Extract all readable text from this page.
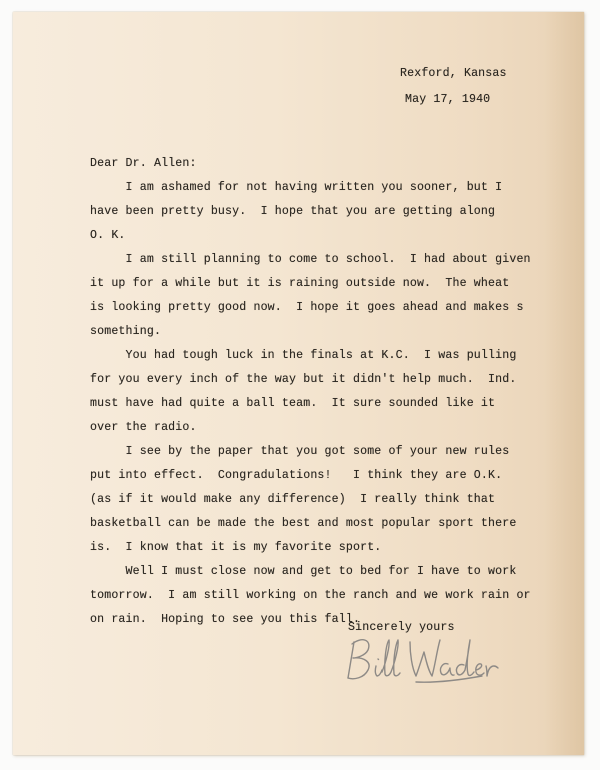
Rexford, Kansas
May 17, 1940
Dear Dr. Allen:
I am ashamed for not having written you sooner, but I
have been pretty busy.  I hope that you are getting along
O. K.
I am still planning to come to school.  I had about given
it up for a while but it is raining outside now.  The wheat
is looking pretty good now.  I hope it goes ahead and makes s
something.
You had tough luck in the finals at K.C.  I was pulling
for you every inch of the way but it didn't help much.  Ind.
must have had quite a ball team.  It sure sounded like it
over the radio.
I see by the paper that you got some of your new rules
put into effect.  Congradulations!   I think they are O.K.
(as if it would make any difference)  I really think that
basketball can be made the best and most popular sport there
is.  I know that it is my favorite sport.
Well I must close now and get to bed for I have to work
tomorrow.  I am still working on the ranch and we work rain or
on rain.  Hoping to see you this fall.
Sincerely yours
